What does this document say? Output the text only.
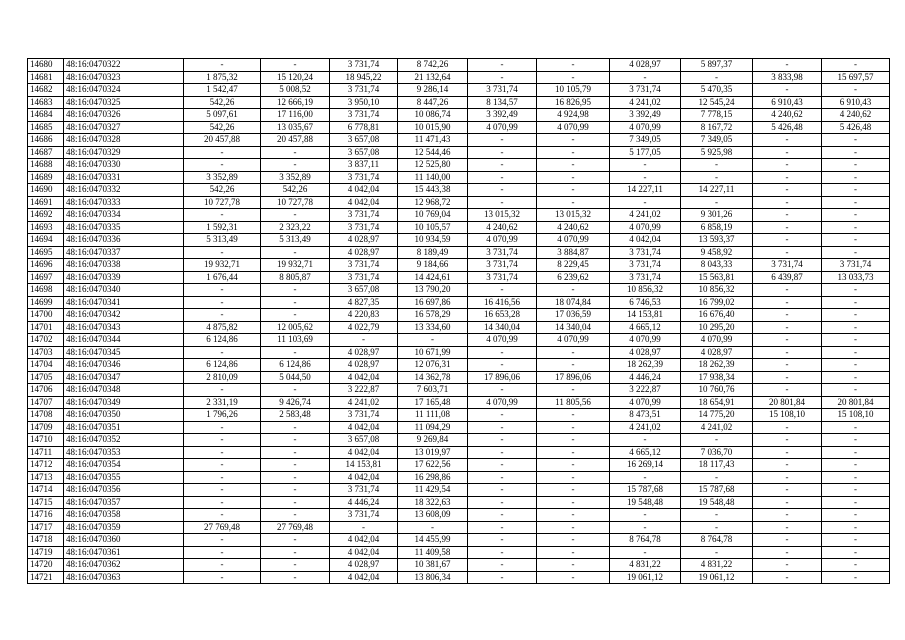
14680	48:16:0470322	-	-	3 731,74	8 742,26	-	-	4 028,97	5 897,37	-	-
14681	48:16:0470323	1 875,32	15 120,24	18 945,22	21 132,64	-	-	-	-	3 833,98	15 697,57
14682	48:16:0470324	1 542,47	5 008,52	3 731,74	9 286,14	3 731,74	10 105,79	3 731,74	5 470,35	-	-
14683	48:16:0470325	542,26	12 666,19	3 950,10	8 447,26	8 134,57	16 826,95	4 241,02	12 545,24	6 910,43	6 910,43
14684	48:16:0470326	5 097,61	17 116,00	3 731,74	10 086,74	3 392,49	4 924,98	3 392,49	7 778,15	4 240,62	4 240,62
14685	48:16:0470327	542,26	13 035,67	6 778,81	10 015,90	4 070,99	4 070,99	4 070,99	8 167,72	5 426,48	5 426,48
14686	48:16:0470328	20 457,88	20 457,88	3 657,08	11 471,43	-	-	7 349,05	7 349,05	-	-
14687	48:16:0470329	-	-	3 657,08	12 544,46	-	-	5 177,05	5 925,98	-	-
14688	48:16:0470330	-	-	3 837,11	12 525,80	-	-	-	-	-	-
14689	48:16:0470331	3 352,89	3 352,89	3 731,74	11 140,00	-	-	-	-	-	-
14690	48:16:0470332	542,26	542,26	4 042,04	15 443,38	-	-	14 227,11	14 227,11	-	-
14691	48:16:0470333	10 727,78	10 727,78	4 042,04	12 968,72	-	-	-	-	-	-
14692	48:16:0470334	-	-	3 731,74	10 769,04	13 015,32	13 015,32	4 241,02	9 301,26	-	-
14693	48:16:0470335	1 592,31	2 323,22	3 731,74	10 105,57	4 240,62	4 240,62	4 070,99	6 858,19	-	-
14694	48:16:0470336	5 313,49	5 313,49	4 028,97	10 934,59	4 070,99	4 070,99	4 042,04	13 593,37	-	-
14695	48:16:0470337	-	-	4 028,97	8 189,49	3 731,74	3 884,87	3 731,74	9 458,92	-	-
14696	48:16:0470338	19 932,71	19 932,71	3 731,74	9 184,66	3 731,74	8 229,45	3 731,74	8 043,33	3 731,74	3 731,74
14697	48:16:0470339	1 676,44	8 805,87	3 731,74	14 424,61	3 731,74	6 239,62	3 731,74	15 563,81	6 439,87	13 033,73
14698	48:16:0470340	-	-	3 657,08	13 790,20	-	-	10 856,32	10 856,32	-	-
14699	48:16:0470341	-	-	4 827,35	16 697,86	16 416,56	18 074,84	6 746,53	16 799,02	-	-
14700	48:16:0470342	-	-	4 220,83	16 578,29	16 653,28	17 036,59	14 153,81	16 676,40	-	-
14701	48:16:0470343	4 875,82	12 005,62	4 022,79	13 334,60	14 340,04	14 340,04	4 665,12	10 295,20	-	-
14702	48:16:0470344	6 124,86	11 103,69	-	-	4 070,99	4 070,99	4 070,99	4 070,99	-	-
14703	48:16:0470345	-	-	4 028,97	10 671,99	-	-	4 028,97	4 028,97	-	-
14704	48:16:0470346	6 124,86	6 124,86	4 028,97	12 076,31	-	-	18 262,39	18 262,39	-	-
14705	48:16:0470347	2 810,09	5 044,50	4 042,04	14 362,78	17 896,06	17 896,06	4 446,24	17 938,34	-	-
14706	48:16:0470348	-	-	3 222,87	7 603,71	-	-	3 222,87	10 760,76	-	-
14707	48:16:0470349	2 331,19	9 426,74	4 241,02	17 165,48	4 070,99	11 805,56	4 070,99	18 654,91	20 801,84	20 801,84
14708	48:16:0470350	1 796,26	2 583,48	3 731,74	11 111,08	-	-	8 473,51	14 775,20	15 108,10	15 108,10
14709	48:16:0470351	-	-	4 042,04	11 094,29	-	-	4 241,02	4 241,02	-	-
14710	48:16:0470352	-	-	3 657,08	9 269,84	-	-	-	-	-	-
14711	48:16:0470353	-	-	4 042,04	13 019,97	-	-	4 665,12	7 036,70	-	-
14712	48:16:0470354	-	-	14 153,81	17 622,56	-	-	16 269,14	18 117,43	-	-
14713	48:16:0470355	-	-	4 042,04	16 298,86	-	-	-	-	-	-
14714	48:16:0470356	-	-	3 731,74	11 429,54	-	-	15 787,68	15 787,68	-	-
14715	48:16:0470357	-	-	4 446,24	18 322,63	-	-	19 548,48	19 548,48	-	-
14716	48:16:0470358	-	-	3 731,74	13 608,09	-	-	-	-	-	-
14717	48:16:0470359	27 769,48	27 769,48	-	-	-	-	-	-	-	-
14718	48:16:0470360	-	-	4 042,04	14 455,99	-	-	8 764,78	8 764,78	-	-
14719	48:16:0470361	-	-	4 042,04	11 409,58	-	-	-	-	-	-
14720	48:16:0470362	-	-	4 028,97	10 381,67	-	-	4 831,22	4 831,22	-	-
14721	48:16:0470363	-	-	4 042,04	13 806,34	-	-	19 061,12	19 061,12	-	-
